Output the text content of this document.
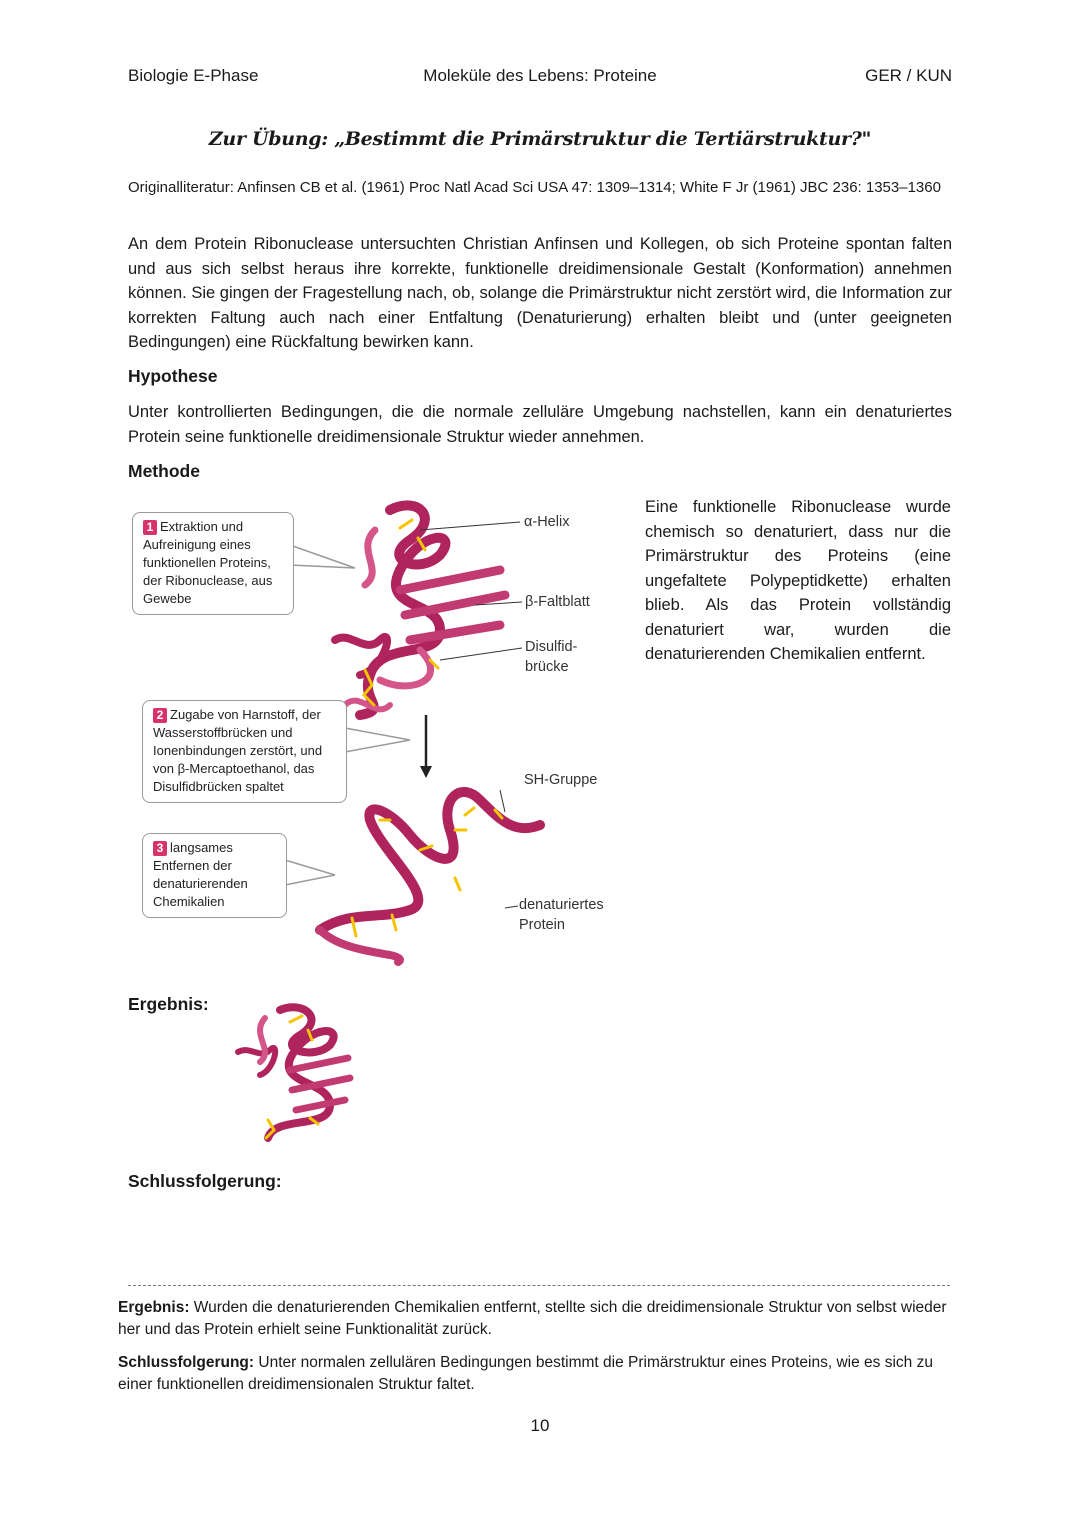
Biologie E-Phase	Moleküle des Lebens: Proteine	GER / KUN
Zur Übung: „Bestimmt die Primärstruktur die Tertiärstruktur?"
Originalliteratur: Anfinsen CB et al. (1961) Proc Natl Acad Sci USA 47: 1309–1314; White F Jr (1961) JBC 236: 1353–1360
An dem Protein Ribonuclease untersuchten Christian Anfinsen und Kollegen, ob sich Proteine spontan falten und aus sich selbst heraus ihre korrekte, funktionelle dreidimensionale Gestalt (Konformation) annehmen können. Sie gingen der Fragestellung nach, ob, solange die Primärstruktur nicht zerstört wird, die Information zur korrekten Faltung auch nach einer Entfaltung (Denaturierung) erhalten bleibt und (unter geeigneten Bedingungen) eine Rückfaltung bewirken kann.
Hypothese
Unter kontrollierten Bedingungen, die die normale zelluläre Umgebung nachstellen, kann ein denaturiertes Protein seine funktionelle dreidimensionale Struktur wieder annehmen.
Methode
Eine funktionelle Ribonuclease wurde chemisch so denaturiert, dass nur die Primärstruktur des Proteins (eine ungefaltete Polypeptidkette) erhalten blieb. Als das Protein vollständig denaturiert war, wurden die denaturierenden Chemikalien entfernt.
1 Extraktion und Aufreinigung eines funktionellen Proteins, der Ribonuclease, aus Gewebe
2 Zugabe von Harnstoff, der Wasserstoffbrücken und Ionenbindungen zerstört, und von β-Mercaptoethanol, das Disulfidbrücken spaltet
3 langsames Entfernen der denaturierenden Chemikalien
α-Helix
β-Faltblatt
Disulfid-
brücke
SH-Gruppe
denaturiertes
Protein
Ergebnis:
Schlussfolgerung:
Ergebnis: Wurden die denaturierenden Chemikalien entfernt, stellte sich die dreidimensionale Struktur von selbst wieder her und das Protein erhielt seine Funktionalität zurück.
Schlussfolgerung: Unter normalen zellulären Bedingungen bestimmt die Primärstruktur eines Proteins, wie es sich zu einer funktionellen dreidimensionalen Struktur faltet.
10
